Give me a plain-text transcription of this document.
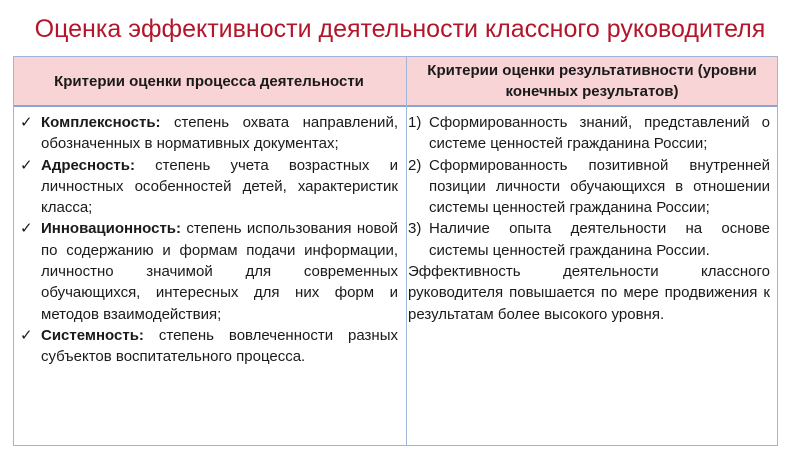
Оценка эффективности деятельности классного руководителя
Критерии оценки процесса деятельности
Критерии оценки результативности (уровни конечных результатов)
✓ Комплексность: степень охвата направлений, обозначенных в нормативных документах;
✓ Адресность: степень учета возрастных и личностных особенностей детей, характеристик класса;
✓ Инновационность: степень использования новой по содержанию и формам подачи информации, личностно значимой для современных обучающихся, интересных для них форм и методов взаимодействия;
✓ Системность: степень вовлеченности разных субъектов воспитательного процесса.
1) Сформированность знаний, представлений о системе ценностей гражданина России;
2) Сформированность позитивной внутренней позиции личности обучающихся в отношении системы ценностей гражданина России;
3) Наличие опыта деятельности на основе системы ценностей гражданина России.
Эффективность деятельности классного руководителя повышается по мере продвижения к результатам более высокого уровня.
